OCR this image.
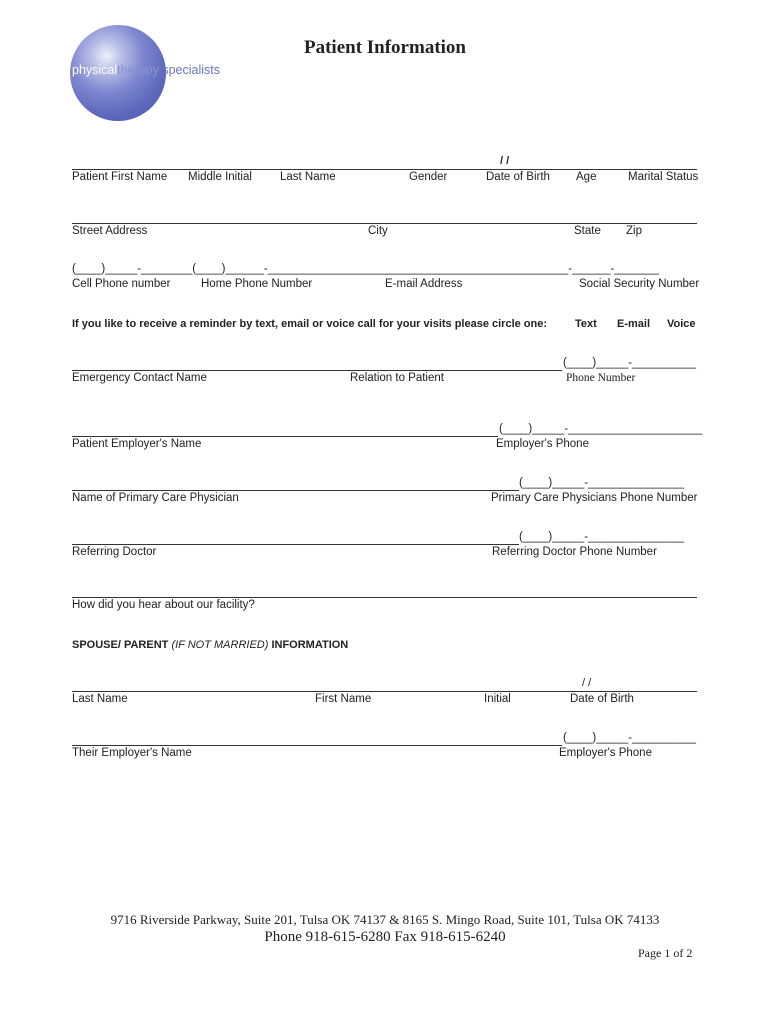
physicaltherapy specialists
Patient Information
/ /
Patient First Name Middle Initial Last Name	Gender	Date of Birth Age	Marital Status
Street Address	City	State Zip
(____)_____-________(____)______-_______________________________________________-______-_______
Cell Phone number	Home Phone Number	E-mail Address	Social Security Number
If you like to receive a reminder by text, email or voice call for your visits please circle one:	Text E-mail Voice
(____)_____-__________
Emergency Contact Name	Relation to Patient	Phone Number
(____)_____-_____________________
Patient Employer's Name	Employer's Phone
(____)_____-_______________
Name of Primary Care Physician	Primary Care Physicians Phone Number
(____)_____-_______________
Referring Doctor	Referring Doctor Phone Number
How did you hear about our facility?
SPOUSE/ PARENT (IF NOT MARRIED) INFORMATION
/ /
Last Name	First Name	Initial	Date of Birth
(____)_____-__________
Their Employer's Name	Employer's Phone
9716 Riverside Parkway, Suite 201, Tulsa OK 74137 & 8165 S. Mingo Road, Suite 101, Tulsa OK 74133
Phone 918-615-6280 Fax 918-615-6240
Page 1 of 2
